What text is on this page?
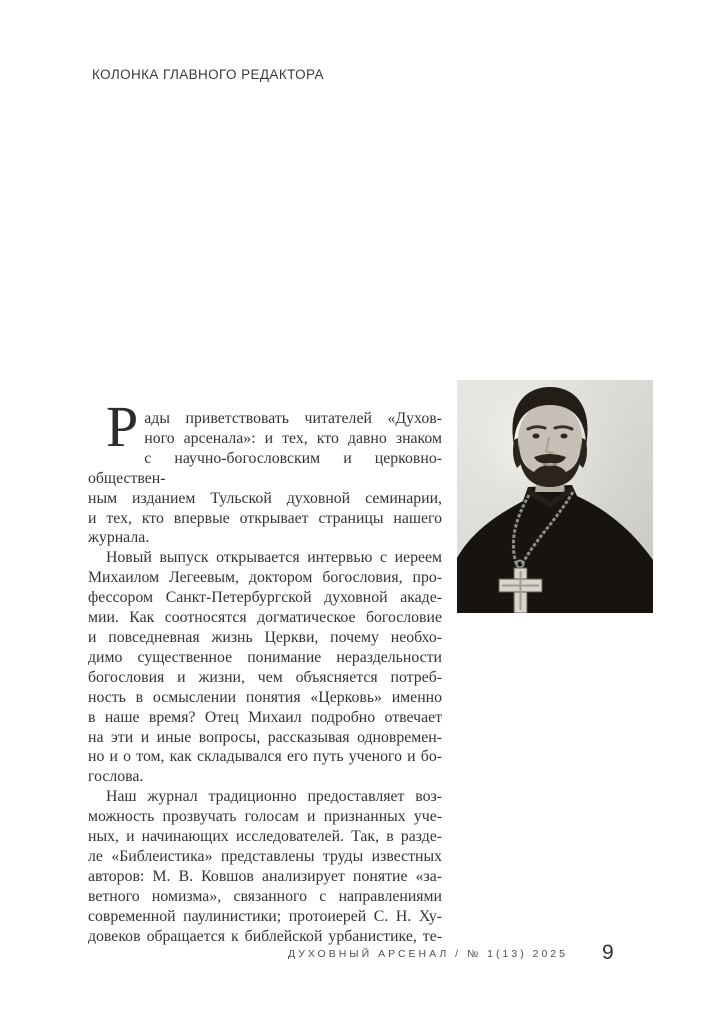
КОЛОНКА ГЛАВНОГО РЕДАКТОРА
Р ады приветствовать читателей «Духов-
ного арсенала»: и тех, кто давно знаком
с научно-богословским и церковно-обществен-
ным изданием Тульской духовной семинарии,
и тех, кто впервые открывает страницы нашего
журнала.
Новый выпуск открывается интервью с иереем
Михаилом Легеевым, доктором богословия, про-
фессором Санкт-Петербургской духовной акаде-
мии. Как соотносятся догматическое богословие
и повседневная жизнь Церкви, почему необхо-
димо существенное понимание нераздельности
богословия и жизни, чем объясняется потреб-
ность в осмыслении понятия «Церковь» именно
в наше время? Отец Михаил подробно отвечает
на эти и иные вопросы, рассказывая одновремен-
но и о том, как складывался его путь ученого и бо-
гослова.
Наш журнал традиционно предоставляет воз-
можность прозвучать голосам и признанных уче-
ных, и начинающих исследователей. Так, в разде-
ле «Библеистика» представлены труды известных
авторов: М. В. Ковшов анализирует понятие «за-
ветного номизма», связанного с направлениями
современной паулинистики; протоиерей С. Н. Ху-
довеков обращается к библейской урбанистике, те-
ДУХОВНЫЙ АРСЕНАЛ / № 1(13) 2025 9
